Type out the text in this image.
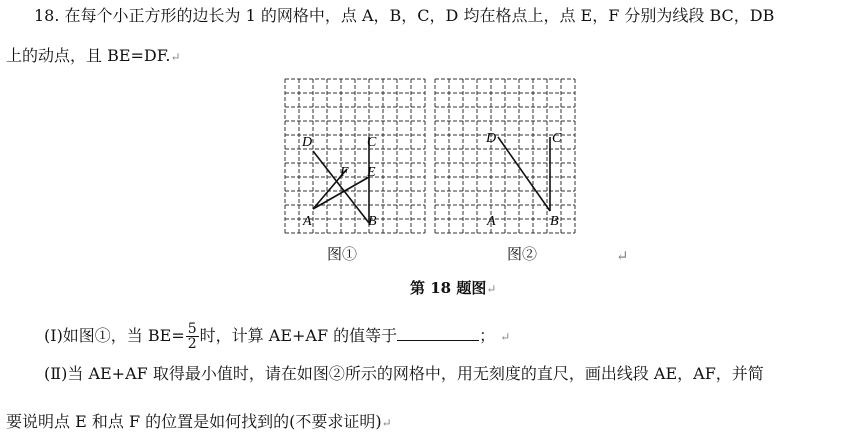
18. 在每个小正方形的边长为 1 的网格中，点 A，B，C，D 均在格点上，点 E，F 分别为线段 BC，DB
上的动点，且 BE=DF.↵
D	C
F E
A	B
图①
D	C
A	B
图②	↵
第 18 题图↵
(Ⅰ)如图①，当 $BE= \frac{5}{2}$ 时，计算 AE+AF 的值等于	； ↵
(Ⅱ)当 AE+AF 取得最小值时，请在如图②所示的网格中，用无刻度的直尺，画出线段 AE，AF，并简
要说明点 E 和点 F 的位置是如何找到的(不要求证明)↵
